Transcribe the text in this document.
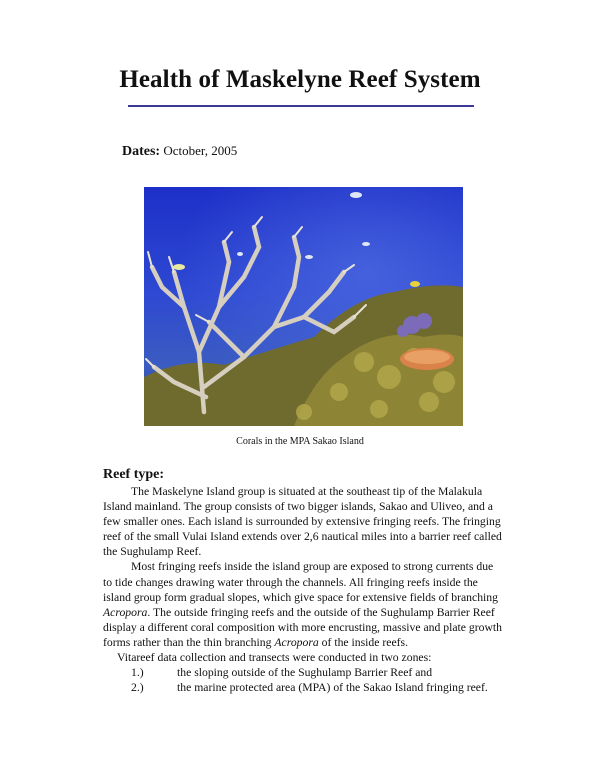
Health of Maskelyne Reef System
Dates: October, 2005
Corals in the MPA Sakao Island
Reef type:

The Maskelyne Island group is situated at the southeast tip of the Malakula Island mainland. The group consists of two bigger islands, Sakao and Uliveo, and a few smaller ones. Each island is surrounded by extensive fringing reefs. The fringing reef of the small Vulai Island extends over 2,6 nautical miles into a barrier reef called the Sughulamp Reef.

Most fringing reefs inside the island group are exposed to strong currents due to tide changes drawing water through the channels. All fringing reefs inside the island group form gradual slopes, which give space for extensive fields of branching Acropora. The outside fringing reefs and the outside of the Sughulamp Barrier Reef display a different coral composition with more encrusting, massive and plate growth forms rather than the thin branching Acropora of the inside reefs.

Vitareef data collection and transects were conducted in two zones:

1.)	the sloping outside of the Sughulamp Barrier Reef and
2.)	the marine protected area (MPA) of the Sakao Island fringing reef.
